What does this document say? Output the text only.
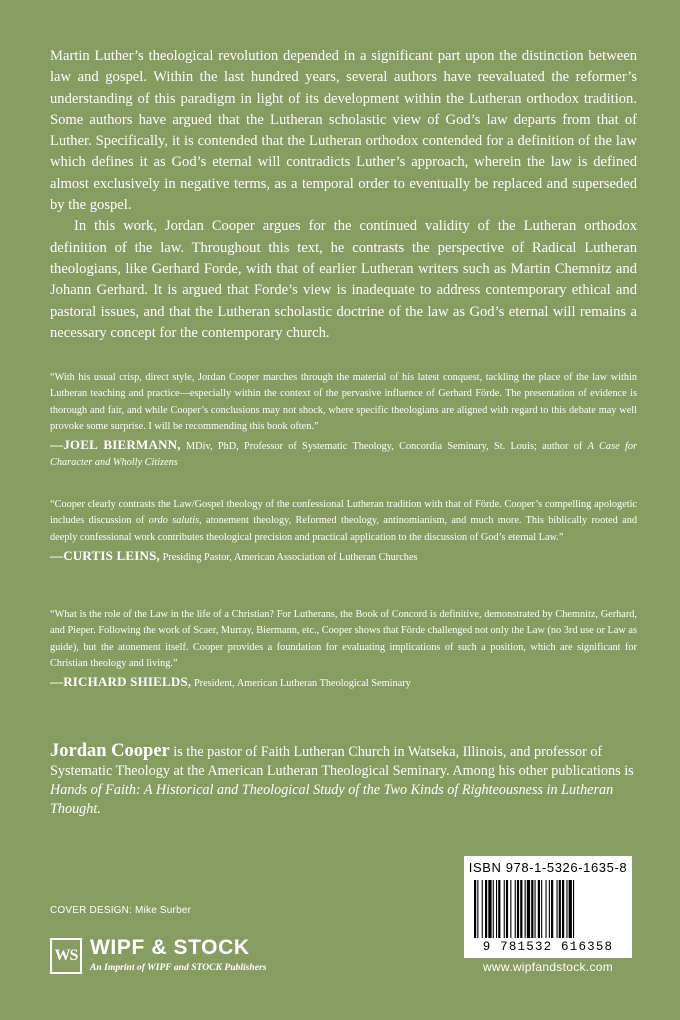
Martin Luther’s theological revolution depended in a significant part upon the distinction between law and gospel. Within the last hundred years, several authors have reevaluated the reformer’s understanding of this paradigm in light of its development within the Lutheran orthodox tradition. Some authors have argued that the Lutheran scholastic view of God’s law departs from that of Luther. Specifically, it is contended that the Lutheran orthodox contended for a definition of the law which defines it as God’s eternal will contradicts Luther’s approach, wherein the law is defined almost exclusively in negative terms, as a temporal order to eventually be replaced and superseded by the gospel.

In this work, Jordan Cooper argues for the continued validity of the Lutheran orthodox definition of the law. Throughout this text, he contrasts the perspective of Radical Lutheran theologians, like Gerhard Forde, with that of earlier Lutheran writers such as Martin Chemnitz and Johann Gerhard. It is argued that Forde’s view is inadequate to address contemporary ethical and pastoral issues, and that the Lutheran scholastic doctrine of the law as God’s eternal will remains a necessary concept for the contemporary church.

“With his usual crisp, direct style, Jordan Cooper marches through the material of his latest conquest, tackling the place of the law within Lutheran teaching and practice—especially within the context of the pervasive influence of Gerhard Förde. The presentation of evidence is thorough and fair, and while Cooper’s conclusions may not shock, where specific theologians are aligned with regard to this debate may well provoke some surprise. I will be recommending this book often.”

—JOEL BIERMANN, MDiv, PhD, Professor of Systematic Theology, Concordia Seminary, St. Louis; author of A Case for Character and Wholly Citizens

“Cooper clearly contrasts the Law/Gospel theology of the confessional Lutheran tradition with that of Förde. Cooper’s compelling apologetic includes discussion of ordo salutis, atonement theology, Reformed theology, antinomianism, and much more. This biblically rooted and deeply confessional work contributes theological precision and practical application to the discussion of God’s eternal Law.”

—CURTIS LEINS, Presiding Pastor, American Association of Lutheran Churches

“What is the role of the Law in the life of a Christian? For Lutherans, the Book of Concord is definitive, demonstrated by Chemnitz, Gerhard, and Pieper. Following the work of Scaer, Murray, Biermann, etc., Cooper shows that Förde challenged not only the Law (no 3rd use or Law as guide), but the atonement itself. Cooper provides a foundation for evaluating implications of such a position, which are significant for Christian theology and living.”

—RICHARD SHIELDS, President, American Lutheran Theological Seminary
Jordan Cooper is the pastor of Faith Lutheran Church in Watseka, Illinois, and professor of Systematic Theology at the American Lutheran Theological Seminary. Among his other publications is Hands of Faith: A Historical and Theological Study of the Two Kinds of Righteousness in Lutheran Thought.
COVER DESIGN: Mike Surber
WS WIPF & STOCK
An Imprint of WIPF and STOCK Publishers
ISBN 978-1-5326-1635-8
9 781532 616358
www.wipfandstock.com
